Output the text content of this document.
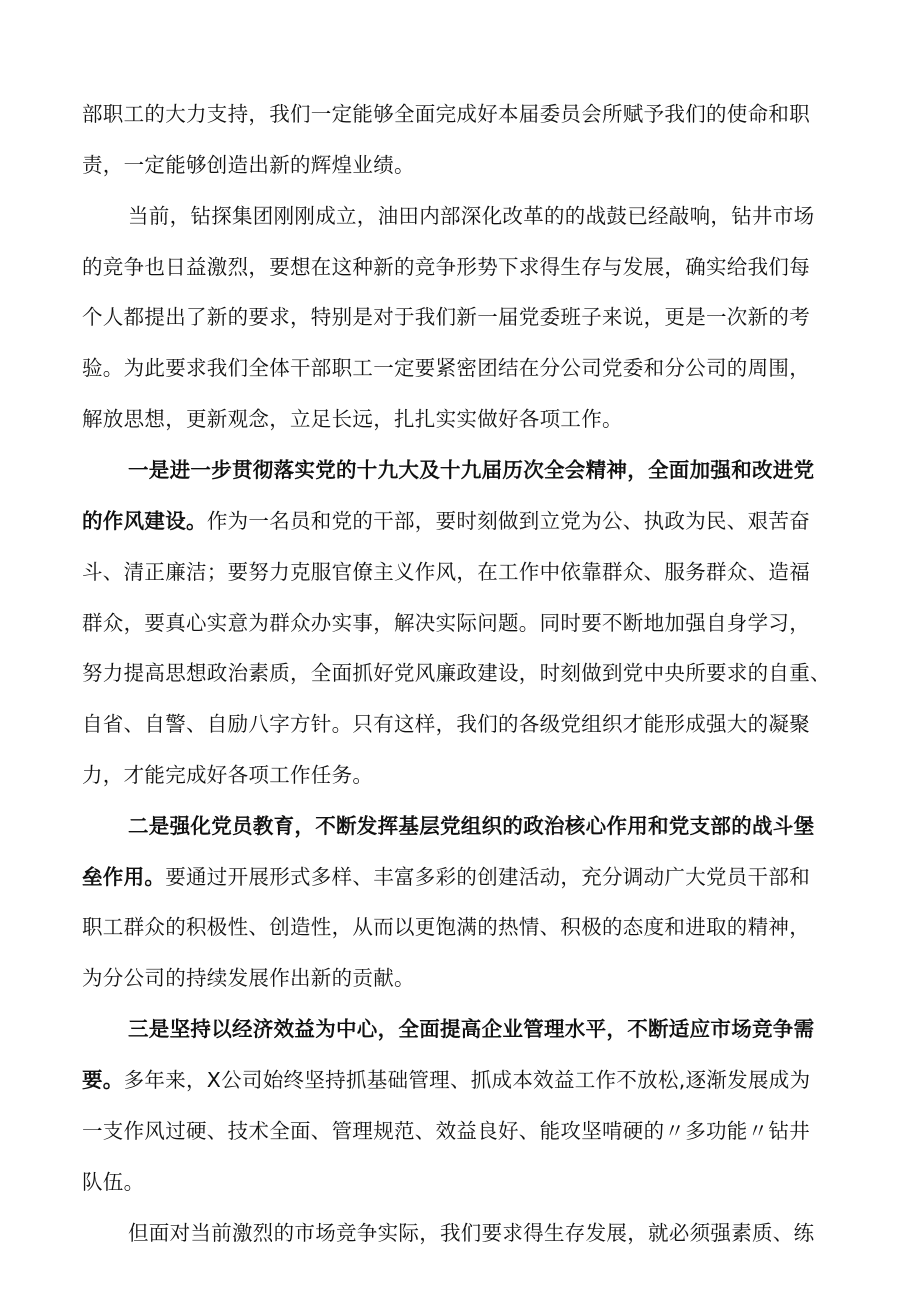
部职工的大力支持，我们一定能够全面完成好本届委员会所赋予我们的使命和职
责，一定能够创造出新的辉煌业绩。
当前，钻探集团刚刚成立，油田内部深化改革的的战鼓已经敲响，钻井市场
的竞争也日益激烈，要想在这种新的竞争形势下求得生存与发展，确实给我们每
个人都提出了新的要求，特别是对于我们新一届党委班子来说，更是一次新的考
验。为此要求我们全体干部职工一定要紧密团结在分公司党委和分公司的周围，
解放思想，更新观念，立足长远，扎扎实实做好各项工作。
一是进一步贯彻落实党的十九大及十九届历次全会精神，全面加强和改进党
的作风建设。作为一名员和党的干部，要时刻做到立党为公、执政为民、艰苦奋
斗、清正廉洁；要努力克服官僚主义作风，在工作中依靠群众、服务群众、造福
群众，要真心实意为群众办实事，解决实际问题。同时要不断地加强自身学习，
努力提高思想政治素质，全面抓好党风廉政建设，时刻做到党中央所要求的自重、
自省、自警、自励八字方针。只有这样，我们的各级党组织才能形成强大的凝聚
力，才能完成好各项工作任务。
二是强化党员教育，不断发挥基层党组织的政治核心作用和党支部的战斗堡
垒作用。要通过开展形式多样、丰富多彩的创建活动，充分调动广大党员干部和
职工群众的积极性、创造性，从而以更饱满的热情、积极的态度和进取的精神，
为分公司的持续发展作出新的贡献。
三是坚持以经济效益为中心，全面提高企业管理水平，不断适应市场竞争需
要。多年来，X公司始终坚持抓基础管理、抓成本效益工作不放松,逐渐发展成为
一支作风过硬、技术全面、管理规范、效益良好、能攻坚啃硬的〃多功能〃钻井
队伍。
但面对当前激烈的市场竞争实际，我们要求得生存发展，就必须强素质、练
